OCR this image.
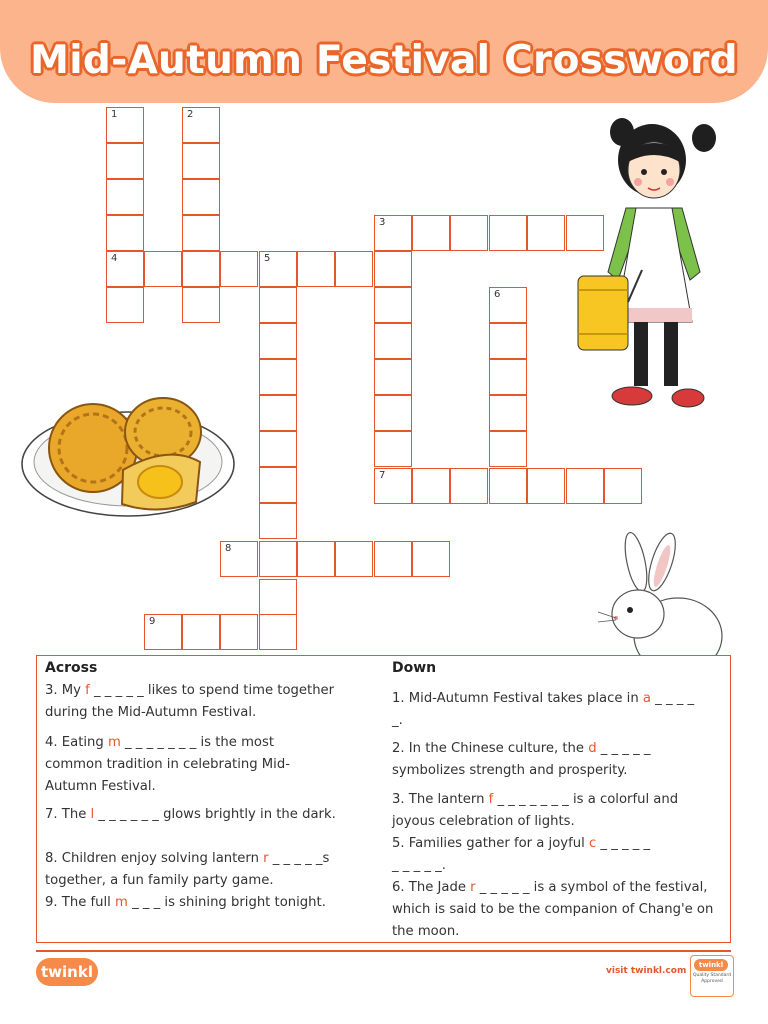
Mid-Autumn Festival Crossword
1	2
4	5
3
6
7
8
9
Across
3. My f _ _ _ _ _ likes to spend time together during the Mid-Autumn Festival.
4. Eating m _ _ _ _ _ _ _ is the most common tradition in celebrating Mid-Autumn Festival.
7. The l _ _ _ _ _ _ glows brightly in the dark.
8. Children enjoy solving lantern r _ _ _ _ _s together, a fun family party game.
9. The full m _ _ _ is shining bright tonight.
Down
1. Mid-Autumn Festival takes place in a _ _ _ _ _.
2. In the Chinese culture, the d _ _ _ _ _ symbolizes strength and prosperity.
3. The lantern f _ _ _ _ _ _ _ is a colorful and joyous celebration of lights.
5. Families gather for a joyful c _ _ _ _ _ _ _ _ _ _.
6. The Jade r _ _ _ _ _ is a symbol of the festival, which is said to be the companion of Chang'e on the moon.
twinkl	visit twinkl.com
twinkl
Quality Standard Approved
